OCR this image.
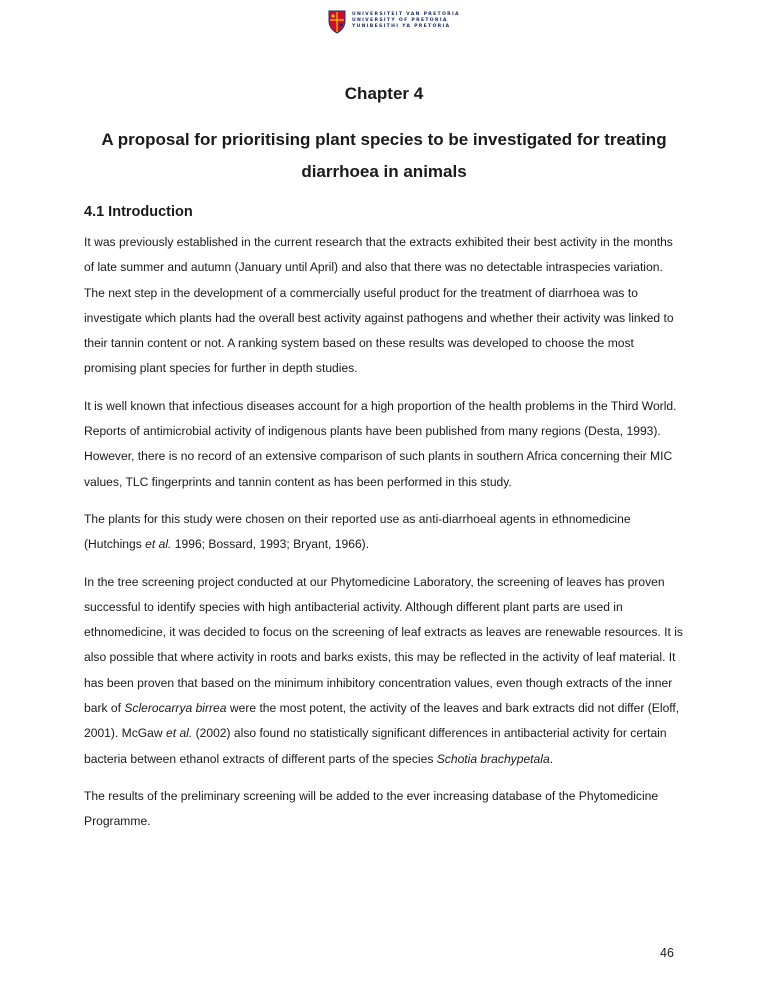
UNIVERSITEIT VAN PRETORIA
UNIVERSITY OF PRETORIA
YUNIBESITHI YA PRETORIA
Chapter 4
A proposal for prioritising plant species to be investigated for treating diarrhoea in animals
4.1 Introduction

It was previously established in the current research that the extracts exhibited their best activity in the months of late summer and autumn (January until April) and also that there was no detectable intraspecies variation. The next step in the development of a commercially useful product for the treatment of diarrhoea was to investigate which plants had the overall best activity against pathogens and whether their activity was linked to their tannin content or not. A ranking system based on these results was developed to choose the most promising plant species for further in depth studies.

It is well known that infectious diseases account for a high proportion of the health problems in the Third World. Reports of antimicrobial activity of indigenous plants have been published from many regions (Desta, 1993). However, there is no record of an extensive comparison of such plants in southern Africa concerning their MIC values, TLC fingerprints and tannin content as has been performed in this study.

The plants for this study were chosen on their reported use as anti-diarrhoeal agents in ethnomedicine (Hutchings et al. 1996; Bossard, 1993; Bryant, 1966).

In the tree screening project conducted at our Phytomedicine Laboratory, the screening of leaves has proven successful to identify species with high antibacterial activity. Although different plant parts are used in ethnomedicine, it was decided to focus on the screening of leaf extracts as leaves are renewable resources. It is also possible that where activity in roots and barks exists, this may be reflected in the activity of leaf material. It has been proven that based on the minimum inhibitory concentration values, even though extracts of the inner bark of Sclerocarrya birrea were the most potent, the activity of the leaves and bark extracts did not differ (Eloff, 2001). McGaw et al. (2002) also found no statistically significant differences in antibacterial activity for certain bacteria between ethanol extracts of different parts of the species Schotia brachypetala.

The results of the preliminary screening will be added to the ever increasing database of the Phytomedicine Programme.

46
